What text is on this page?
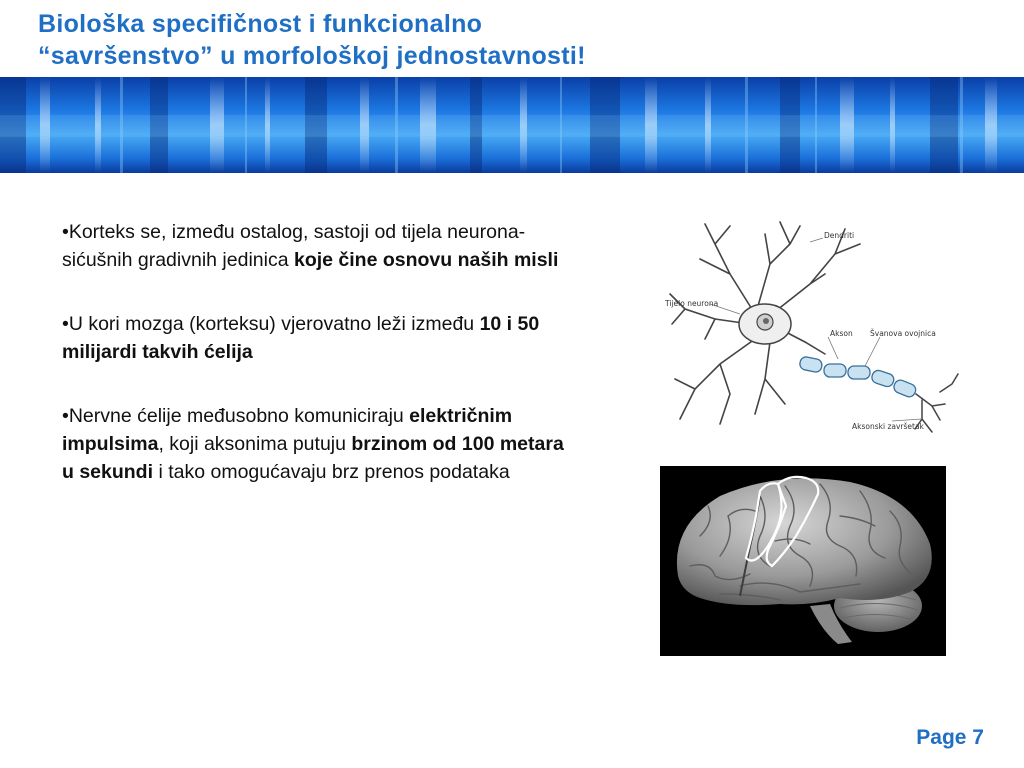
Biološka specifičnost i funkcionalno
“savršenstvo” u morfološkoj jednostavnosti!

•Korteks se, između ostalog, sastoji od tijela neurona- sićušnih gradivnih jedinica koje čine osnovu naših misli

•U kori mozga (korteksu) vjerovatno leži između 10 i 50 milijardi takvih ćelija

•Nervne ćelije međusobno komuniciraju električnim impulsima, koji aksonima putuju brzinom od 100 metara u sekundi i tako omogućavaju brz prenos podataka

Dendriti
Tijelo neurona
Akson Švanova ovojnica
Aksonski završetak
Page 7
